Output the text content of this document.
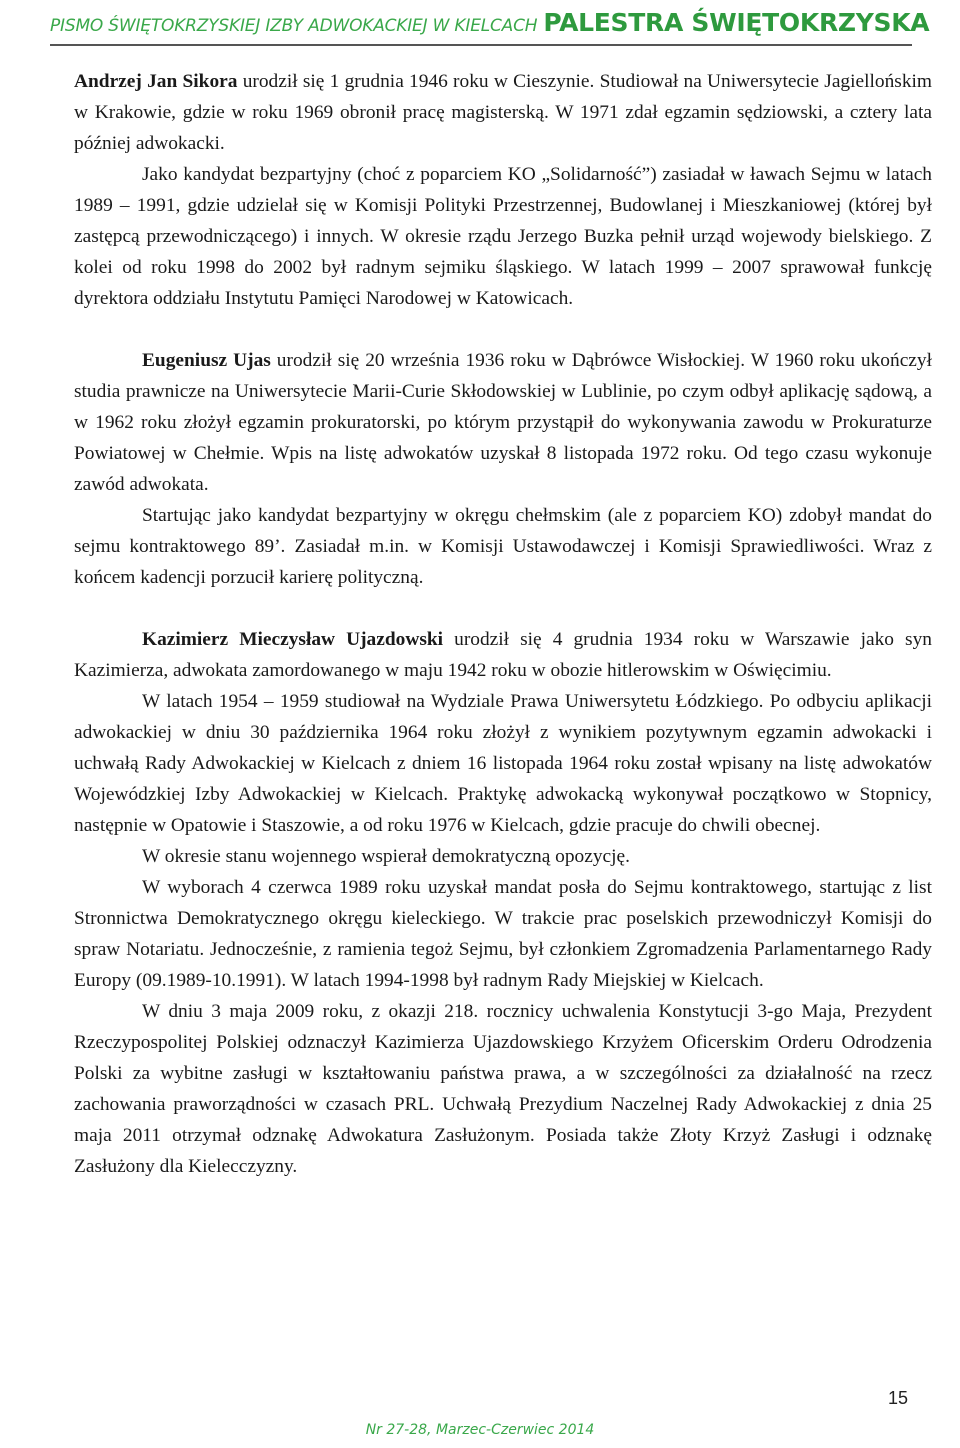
PISMO ŚWIĘTOKRZYSKIEJ IZBY ADWOKACKIEJ W KIELCACH PALESTRA ŚWIĘTOKRZYSKA

Andrzej Jan Sikora urodził się 1 grudnia 1946 roku w Cieszynie. Studiował na Uniwersytecie Jagiellońskim w Krakowie, gdzie w roku 1969 obronił pracę magisterską. W 1971 zdał egzamin sędziowski, a cztery lata później adwokacki.

Jako kandydat bezpartyjny (choć z poparciem KO „Solidarność”) zasiadał w ławach Sejmu w latach 1989 – 1991, gdzie udzielał się w Komisji Polityki Przestrzennej, Budowlanej i Mieszkaniowej (której był zastępcą przewodniczącego) i innych. W okresie rządu Jerzego Buzka pełnił urząd wojewody bielskiego. Z kolei od roku 1998 do 2002 był radnym sejmiku śląskiego. W latach 1999 – 2007 sprawował funkcję dyrektora oddziału Instytutu Pamięci Narodowej w Katowicach.

Eugeniusz Ujas urodził się 20 września 1936 roku w Dąbrówce Wisłockiej. W 1960 roku ukończył studia prawnicze na Uniwersytecie Marii-Curie Skłodowskiej w Lublinie, po czym odbył aplikację sądową, a w 1962 roku złożył egzamin prokuratorski, po którym przystąpił do wykonywania zawodu w Prokuraturze Powiatowej w Chełmie. Wpis na listę adwokatów uzyskał 8 listopada 1972 roku. Od tego czasu wykonuje zawód adwokata.

Startując jako kandydat bezpartyjny w okręgu chełmskim (ale z poparciem KO) zdobył mandat do sejmu kontraktowego 89’. Zasiadał m.in. w Komisji Ustawodawczej i Komisji Sprawiedliwości. Wraz z końcem kadencji porzucił karierę polityczną.

Kazimierz Mieczysław Ujazdowski urodził się 4 grudnia 1934 roku w Warszawie jako syn Kazimierza, adwokata zamordowanego w maju 1942 roku w obozie hitlerowskim w Oświęcimiu.

W latach 1954 – 1959 studiował na Wydziale Prawa Uniwersytetu Łódzkiego. Po odbyciu aplikacji adwokackiej w dniu 30 października 1964 roku złożył z wynikiem pozytywnym egzamin adwokacki i uchwałą Rady Adwokackiej w Kielcach z dniem 16 listopada 1964 roku został wpisany na listę adwokatów Wojewódzkiej Izby Adwokackiej w Kielcach. Praktykę adwokacką wykonywał początkowo w Stopnicy, następnie w Opatowie i Staszowie, a od roku 1976 w Kielcach, gdzie pracuje do chwili obecnej.

W okresie stanu wojennego wspierał demokratyczną opozycję.

W wyborach 4 czerwca 1989 roku uzyskał mandat posła do Sejmu kontraktowego, startując z list Stronnictwa Demokratycznego okręgu kieleckiego. W trakcie prac poselskich przewodniczył Komisji do spraw Notariatu. Jednocześnie, z ramienia tegoż Sejmu, był członkiem Zgromadzenia Parlamentarnego Rady Europy (09.1989-10.1991). W latach 1994-1998 był radnym Rady Miejskiej w Kielcach.

W dniu 3 maja 2009 roku, z okazji 218. rocznicy uchwalenia Konstytucji 3-go Maja, Prezydent Rzeczypospolitej Polskiej odznaczył Kazimierza Ujazdowskiego Krzyżem Oficerskim Orderu Odrodzenia Polski za wybitne zasługi w kształtowaniu państwa prawa, a w szczególności za działalność na rzecz zachowania praworządności w czasach PRL. Uchwałą Prezydium Naczelnej Rady Adwokackiej z dnia 25 maja 2011 otrzymał odznakę Adwokatura Zasłużonym. Posiada także Złoty Krzyż Zasługi i odznakę Zasłużony dla Kielecczyzny.

15
Nr 27-28, Marzec-Czerwiec 2014
